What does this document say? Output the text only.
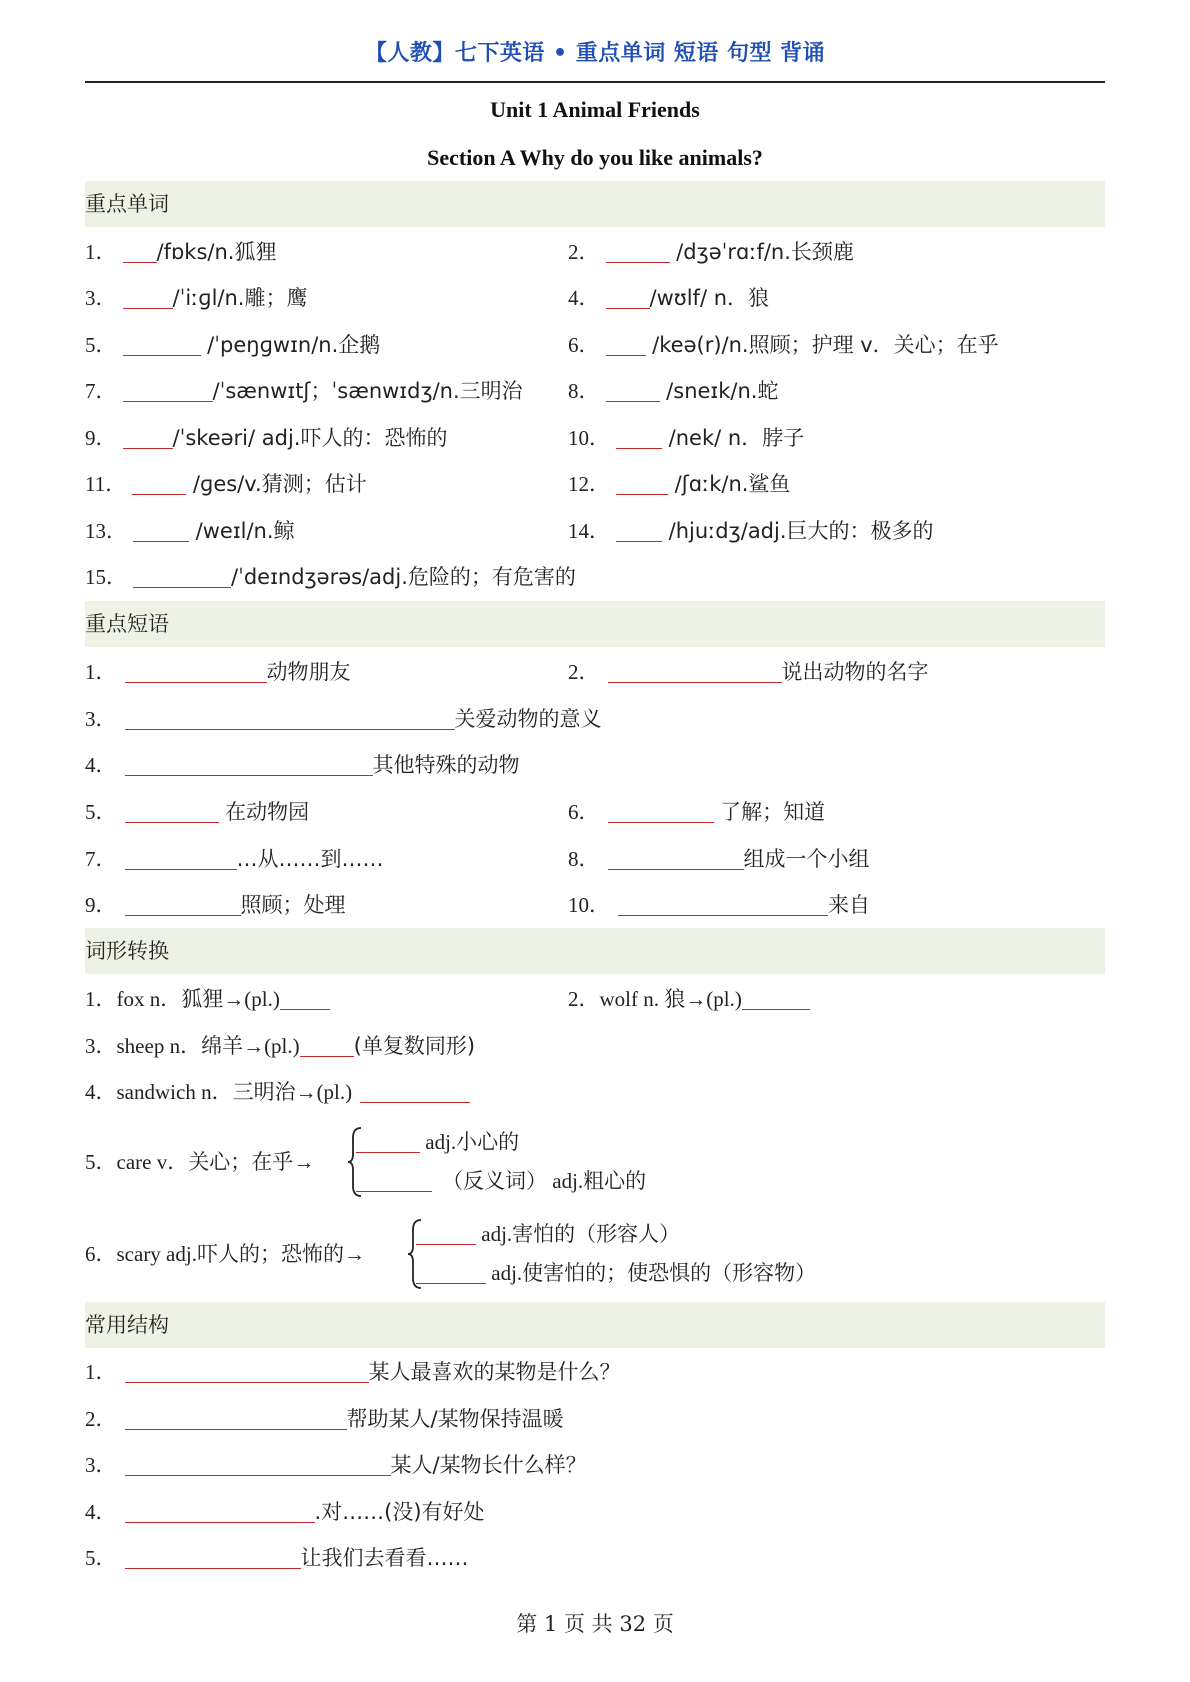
【人教】七下英语 • 重点单词 短语 句型 背诵
Unit 1 Animal Friends
Section A Why do you like animals?
重点单词
1． /fɒks/n.狐狸	2．	/dʒəˈrɑːf/n.长颈鹿
3．	/ˈiːɡl/n.雕；鹰	4． /wʊlf/ n．狼
5．	/ˈpeŋɡwɪn/n.企鹅	6． /keə(r)/n.照顾；护理 v．关心；在乎
7．	/ˈsænwɪtʃ；ˈsænwɪdʒ/n.三明治 8．	/sneɪk/n.蛇
9．	/ˈskeəri/ adj.吓人的：恐怖的	10． /nek/ n．脖子
11．	/ɡes/v.猜测；估计	12．	/ʃɑːk/n.鲨鱼
13．	/weɪl/n.鲸	14． /hjuːdʒ/adj.巨大的：极多的
15．	/ˈdeɪndʒərəs/adj.危险的；有危害的
重点短语
1．	动物朋友	2．	说出动物的名字
3．	关爱动物的意义
4．	其他特殊的动物
5．	在动物园	6．	了解；知道
7．	…从……到……	8．	组成一个小组
9．	照顾；处理	10．	来自
词形转换
1．fox n．狐狸→(pl.)	2．wolf n. 狼→(pl.)
3．sheep n．绵羊→(pl.)	(单复数同形)
4．sandwich n．三明治→(pl.)
5．care v．关心；在乎→
adj.小心的
（反义词） adj.粗心的
6．scary adj.吓人的；恐怖的→
adj.害怕的（形容人）
adj.使害怕的；使恐惧的（形容物）
常用结构
1．	某人最喜欢的某物是什么？
2．	帮助某人/某物保持温暖
3．	某人/某物长什么样？
4．	.对……(没)有好处
5．	让我们去看看……
第 1 页 共 32 页
